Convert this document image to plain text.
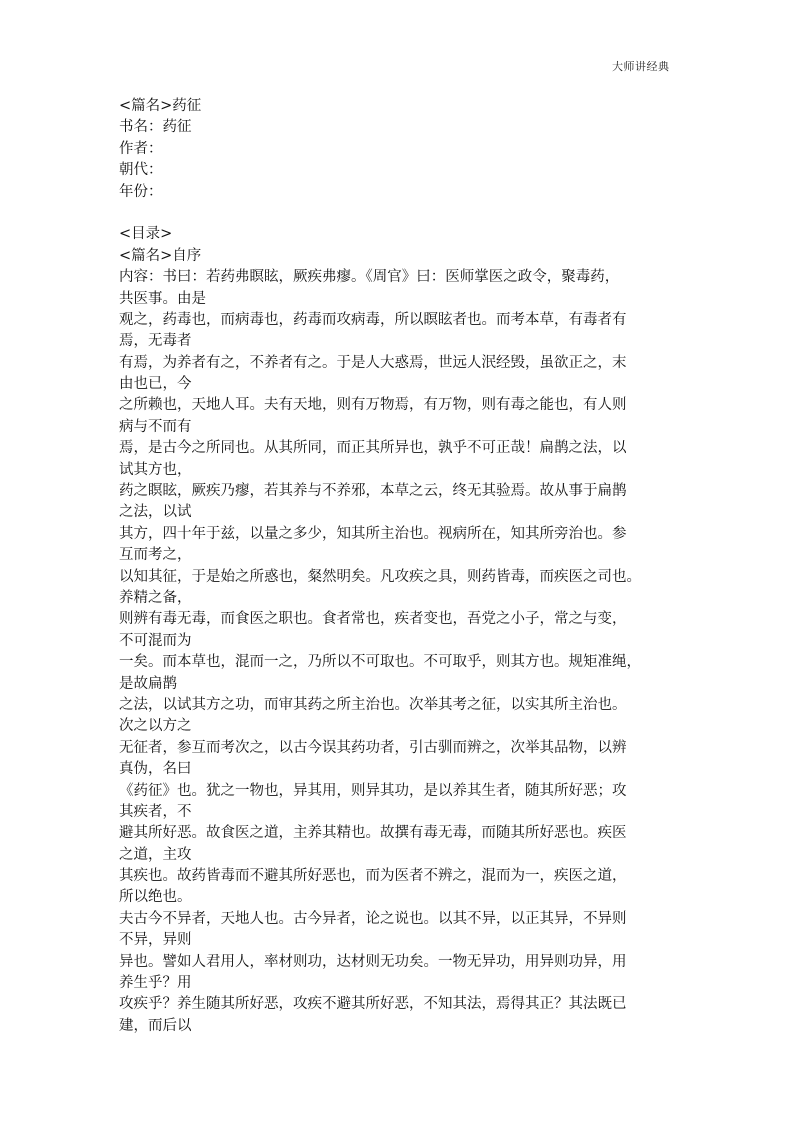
大师讲经典
<篇名>药征
书名：药征
作者：
朝代：
年份：
<目录>
<篇名>自序
内容：书曰：若药弗瞑眩，厥疾弗瘳。《周官》曰：医师掌医之政令，聚毒药，
共医事。由是
观之，药毒也，而病毒也，药毒而攻病毒，所以瞑眩者也。而考本草，有毒者有
焉，无毒者
有焉，为养者有之，不养者有之。于是人大惑焉，世远人泯经毁，虽欲正之，末
由也已，今
之所赖也，天地人耳。夫有天地，则有万物焉，有万物，则有毒之能也，有人则
病与不而有
焉，是古今之所同也。从其所同，而正其所异也，孰乎不可正哉！扁鹊之法，以
试其方也，
药之瞑眩，厥疾乃瘳，若其养与不养邪，本草之云，终无其验焉。故从事于扁鹊
之法，以试
其方，四十年于兹，以量之多少，知其所主治也。视病所在，知其所旁治也。参
互而考之，
以知其征，于是始之所惑也，粲然明矣。凡攻疾之具，则药皆毒，而疾医之司也。
养精之备，
则辨有毒无毒，而食医之职也。食者常也，疾者变也，吾党之小子，常之与变，
不可混而为
一矣。而本草也，混而一之，乃所以不可取也。不可取乎，则其方也。规矩准绳，
是故扁鹊
之法，以试其方之功，而审其药之所主治也。次举其考之征，以实其所主治也。
次之以方之
无征者，参互而考次之，以古今误其药功者，引古驯而辨之，次举其品物，以辨
真伪，名曰
《药征》也。犹之一物也，异其用，则异其功，是以养其生者，随其所好恶；攻
其疾者，不
避其所好恶。故食医之道，主养其精也。故撰有毒无毒，而随其所好恶也。疾医
之道，主攻
其疾也。故药皆毒而不避其所好恶也，而为医者不辨之，混而为一，疾医之道，
所以绝也。
夫古今不异者，天地人也。古今异者，论之说也。以其不异，以正其异，不异则
不异，异则
异也。譬如人君用人，率材则功，达材则无功矣。一物无异功，用异则功异，用
养生乎？用
攻疾乎？养生随其所好恶，攻疾不避其所好恶，不知其法，焉得其正？其法既已
建，而后以
